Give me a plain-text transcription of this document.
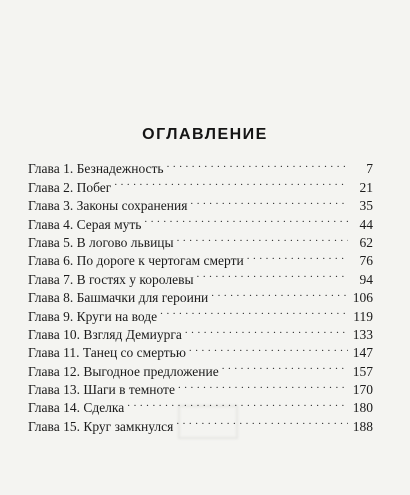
ОГЛАВЛЕНИЕ
Глава 1. Безнадежность . . .	7
Глава 2. Побег . . .	21
Глава 3. Законы сохранения . . .	35
Глава 4. Серая муть . . .	44
Глава 5. В логово львицы . . .	62
Глава 6. По дороге к чертогам смерти . . .	76
Глава 7. В гостях у королевы . . .	94
Глава 8. Башмачки для героини . . .	106
Глава 9. Круги на воде . . .	119
Глава 10. Взгляд Демиурга . . .	133
Глава 11. Танец со смертью . . .	147
Глава 12. Выгодное предложение . . .	157
Глава 13. Шаги в темноте . . .	170
Глава 14. Сделка . . .	180
Глава 15. Круг замкнулся . . .	188
